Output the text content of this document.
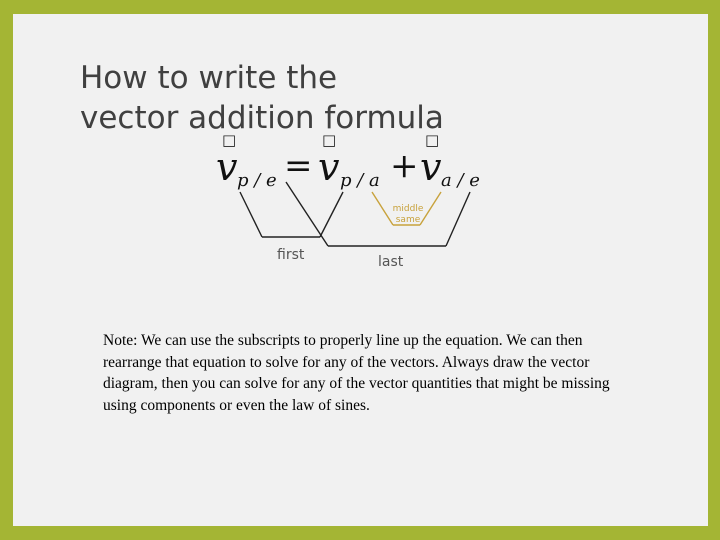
How to write the
vector addition formula
□	□	□
v p / e = v p / a + v a / e
middle
same
first	last

Note: We can use the subscripts to properly line up the equation. We can then rearrange that equation to solve for any of the vectors. Always draw the vector diagram, then you can solve for any of the vector quantities that might be missing using components or even the law of sines.
